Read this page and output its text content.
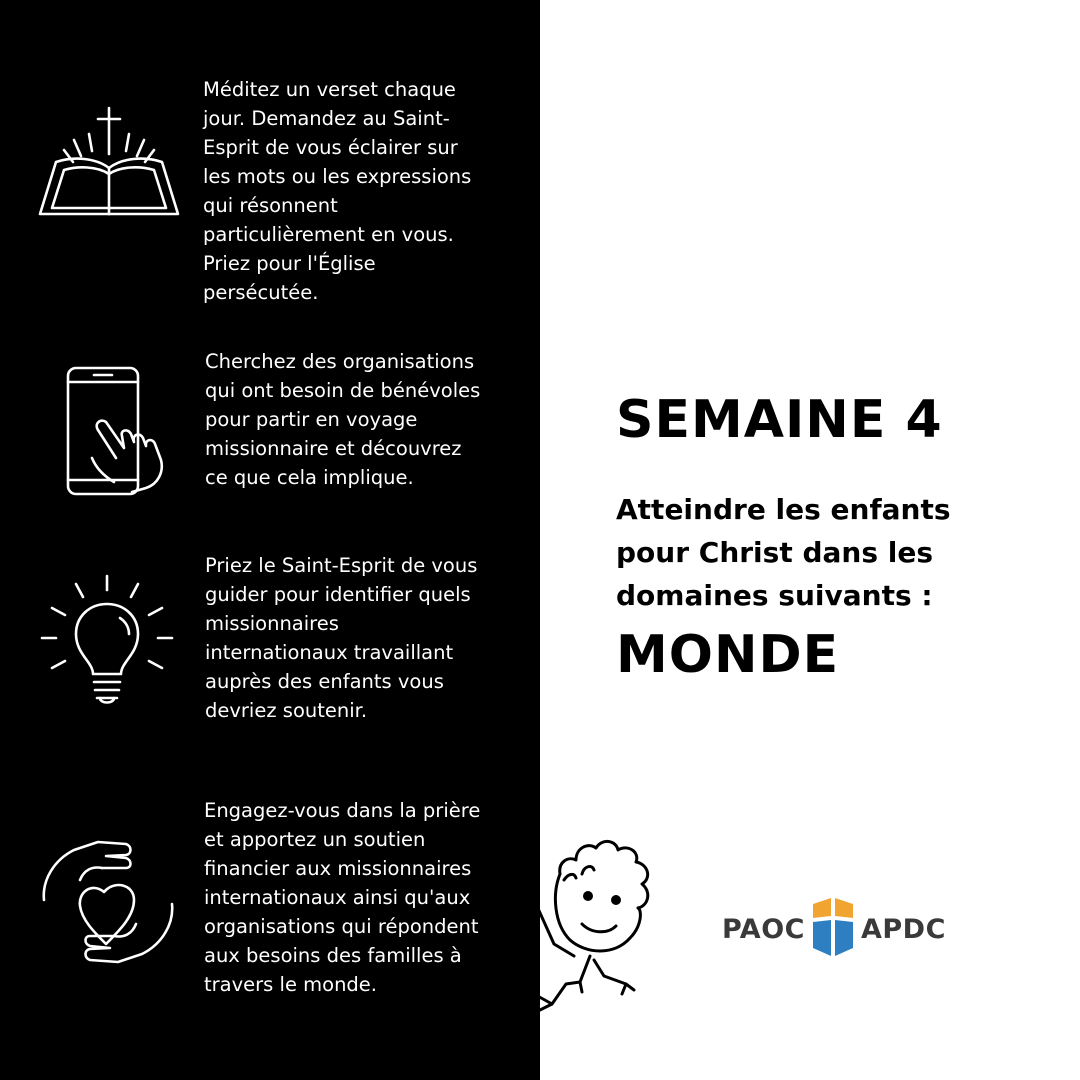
Méditez un verset chaque
jour. Demandez au Saint-
Esprit de vous éclairer sur
les mots ou les expressions
qui résonnent
particulièrement en vous.
Priez pour l'Église
persécutée.

Cherchez des organisations
qui ont besoin de bénévoles
pour partir en voyage
missionnaire et découvrez
ce que cela implique.

Priez le Saint-Esprit de vous
guider pour identifier quels
missionnaires
internationaux travaillant
auprès des enfants vous
devriez soutenir.

Engagez-vous dans la prière
et apportez un soutien
financier aux missionnaires
internationaux ainsi qu'aux
organisations qui répondent
aux besoins des familles à
travers le monde.

SEMAINE 4

Atteindre les enfants
pour Christ dans les
domaines suivants :

MONDE
PAOC APDC
